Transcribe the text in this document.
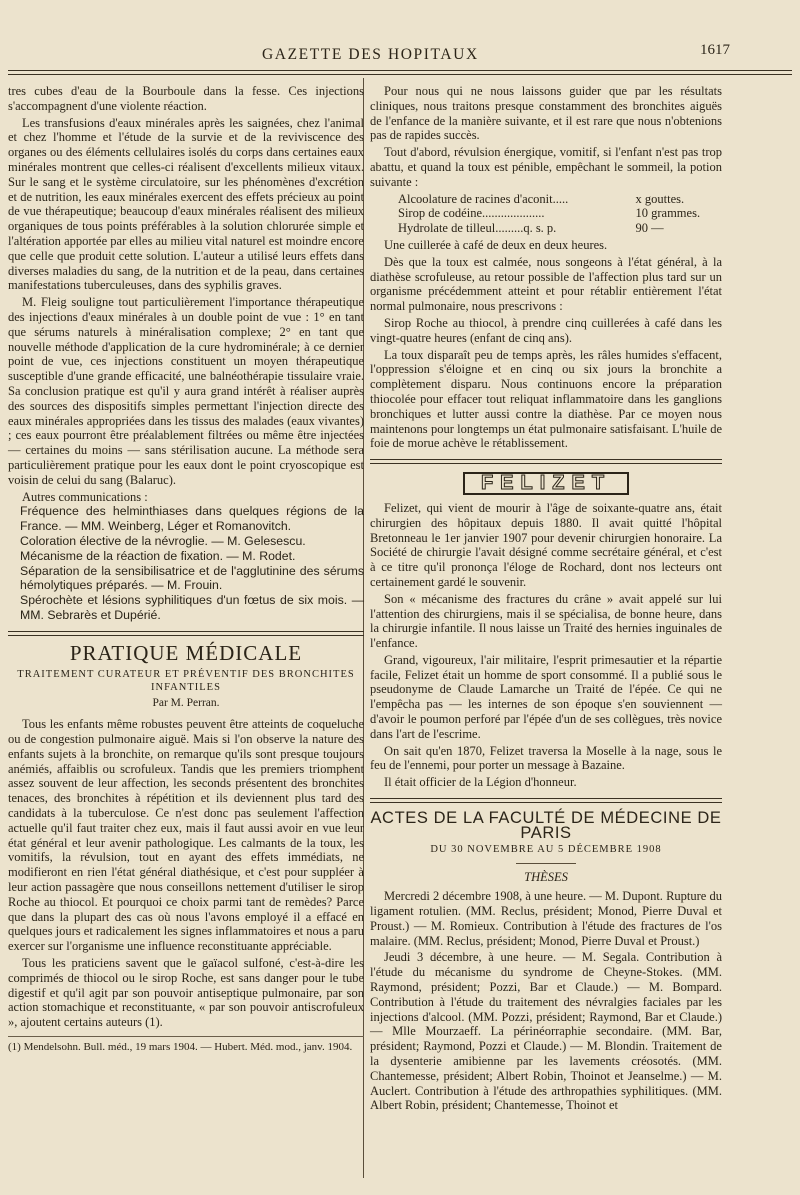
GAZETTE DES HOPITAUX	1617

tres cubes d'eau de la Bourboule dans la fesse. Ces injections s'accompagnent d'une violente réaction.

Les transfusions d'eaux minérales après les saignées, chez l'animal et chez l'homme et l'étude de la survie et de la reviviscence des organes ou des éléments cellulaires isolés du corps dans certaines eaux minérales montrent que celles-ci réalisent d'excellents milieux vitaux. Sur le sang et le système circulatoire, sur les phénomènes d'excrétion et de nutrition, les eaux minérales exercent des effets précieux au point de vue thérapeutique; beaucoup d'eaux minérales réalisent des milieux organiques de tous points préférables à la solution chlorurée simple et l'altération apportée par elles au milieu vital naturel est moindre encore que celle que produit cette solution. L'auteur a utilisé leurs effets dans diverses maladies du sang, de la nutrition et de la peau, dans certaines manifestations tuberculeuses, dans des syphilis graves.

M. Fleig souligne tout particulièrement l'importance thérapeutique des injections d'eaux minérales à un double point de vue : 1° en tant que sérums naturels à minéralisation complexe; 2° en tant que nouvelle méthode d'application de la cure hydrominérale; à ce dernier point de vue, ces injections constituent un moyen thérapeutique susceptible d'une grande efficacité, une balnéothérapie tissulaire vraie. Sa conclusion pratique est qu'il y aura grand intérêt à réaliser auprès des sources des dispositifs simples permettant l'injection directe des eaux minérales appropriées dans les tissus des malades (eaux vivantes) ; ces eaux pourront être préalablement filtrées ou même être injectées — certaines du moins — sans stérilisation aucune. La méthode sera particulièrement pratique pour les eaux dont le point cryoscopique est voisin de celui du sang (Balaruc).

Autres communications :

Fréquence des helminthiases dans quelques régions de la France. — MM. Weinberg, Léger et Romanovitch.

Coloration élective de la névroglie. — M. Gelesescu.

Mécanisme de la réaction de fixation. — M. Rodet.

Séparation de la sensibilisatrice et de l'agglutinine des sérums hémolytiques préparés. — M. Frouin.

Spérochète et lésions syphilitiques d'un fœtus de six mois. — MM. Sebrarès et Dupérié.

PRATIQUE MÉDICALE
TRAITEMENT CURATEUR ET PRÉVENTIF DES BRONCHITES INFANTILES
Par M. Perran.

Tous les enfants même robustes peuvent être atteints de coqueluche ou de congestion pulmonaire aiguë. Mais si l'on observe la nature des enfants sujets à la bronchite, on remarque qu'ils sont presque toujours anémiés, affaiblis ou scrofuleux. Tandis que les premiers triomphent assez souvent de leur affection, les seconds présentent des bronchites tenaces, des bronchites à répétition et ils deviennent plus tard des candidats à la tuberculose. Ce n'est donc pas seulement l'affection actuelle qu'il faut traiter chez eux, mais il faut aussi avoir en vue leur état général et leur avenir pathologique. Les calmants de la toux, les vomitifs, la révulsion, tout en ayant des effets immédiats, ne modifieront en rien l'état général diathésique, et c'est pour suppléer à leur action passagère que nous conseillons nettement d'utiliser le sirop Roche au thiocol. Et pourquoi ce choix parmi tant de remèdes? Parce que dans la plupart des cas où nous l'avons employé il a effacé en quelques jours et radicalement les signes inflammatoires et nous a paru exercer sur l'organisme une influence reconstituante appréciable.

Tous les praticiens savent que le gaïacol sulfoné, c'est-à-dire les comprimés de thiocol ou le sirop Roche, est sans danger pour le tube digestif et qu'il agit par son pouvoir antiseptique pulmonaire, par son action stomachique et reconstituante, « par son pouvoir antiscrofuleux », ajoutent certains auteurs (1).

(1) Mendelsohn. Bull. méd., 19 mars 1904. — Hubert. Méd. mod., janv. 1904.

Pour nous qui ne nous laissons guider que par les résultats cliniques, nous traitons presque constamment des bronchites aiguës de l'enfance de la manière suivante, et il est rare que nous n'obtenions pas de rapides succès.

Tout d'abord, révulsion énergique, vomitif, si l'enfant n'est pas trop abattu, et quand la toux est pénible, empêchant le sommeil, la potion suivante :

Alcoolature de racines d'aconit.....	x gouttes.
Sirop de codéine....................	10 grammes.
Hydrolate de tilleul.........q. s. p.	90 —

Une cuillerée à café de deux en deux heures.

Dès que la toux est calmée, nous songeons à l'état général, à la diathèse scrofuleuse, au retour possible de l'affection plus tard sur un organisme précédemment atteint et pour rétablir entièrement l'état normal pulmonaire, nous prescrivons :

Sirop Roche au thiocol, à prendre cinq cuillerées à café dans les vingt-quatre heures (enfant de cinq ans).

La toux disparaît peu de temps après, les râles humides s'effacent, l'oppression s'éloigne et en cinq ou six jours la bronchite a complètement disparu. Nous continuons encore la préparation thiocolée pour effacer tout reliquat inflammatoire dans les ganglions bronchiques et lutter aussi contre la diathèse. Par ce moyen nous maintenons pour longtemps un état pulmonaire satisfaisant. L'huile de foie de morue achève le rétablissement.

FELIZET

Felizet, qui vient de mourir à l'âge de soixante-quatre ans, était chirurgien des hôpitaux depuis 1880. Il avait quitté l'hôpital Bretonneau le 1er janvier 1907 pour devenir chirurgien honoraire. La Société de chirurgie l'avait désigné comme secrétaire général, et c'est à ce titre qu'il prononça l'éloge de Rochard, dont nos lecteurs ont certainement gardé le souvenir.

Son « mécanisme des fractures du crâne » avait appelé sur lui l'attention des chirurgiens, mais il se spécialisa, de bonne heure, dans la chirurgie infantile. Il nous laisse un Traité des hernies inguinales de l'enfance.

Grand, vigoureux, l'air militaire, l'esprit primesautier et la répartie facile, Felizet était un homme de sport consommé. Il a publié sous le pseudonyme de Claude Lamarche un Traité de l'épée. Ce qui ne l'empêcha pas — les internes de son époque s'en souviennent — d'avoir le poumon perforé par l'épée d'un de ses collègues, très novice dans l'art de l'escrime.

On sait qu'en 1870, Felizet traversa la Moselle à la nage, sous le feu de l'ennemi, pour porter un message à Bazaine.

Il était officier de la Légion d'honneur.

ACTES DE LA FACULTÉ DE MÉDECINE DE PARIS
DU 30 NOVEMBRE AU 5 DÉCEMBRE 1908
THÈSES

Mercredi 2 décembre 1908, à une heure. — M. Dupont. Rupture du ligament rotulien. (MM. Reclus, président; Monod, Pierre Duval et Proust.) — M. Romieux. Contribution à l'étude des fractures de l'os malaire. (MM. Reclus, président; Monod, Pierre Duval et Proust.)

Jeudi 3 décembre, à une heure. — M. Segala. Contribution à l'étude du mécanisme du syndrome de Cheyne-Stokes. (MM. Raymond, président; Pozzi, Bar et Claude.) — M. Bompard. Contribution à l'étude du traitement des névralgies faciales par les injections d'alcool. (MM. Pozzi, président; Raymond, Bar et Claude.) — Mlle Mourzaeff. La périnéorraphie secondaire. (MM. Bar, président; Raymond, Pozzi et Claude.) — M. Blondin. Traitement de la dysenterie amibienne par les lavements créosotés. (MM. Chantemesse, président; Albert Robin, Thoinot et Jeanselme.) — M. Auclert. Contribution à l'étude des arthropathies syphilitiques. (MM. Albert Robin, président; Chantemesse, Thoinot et
